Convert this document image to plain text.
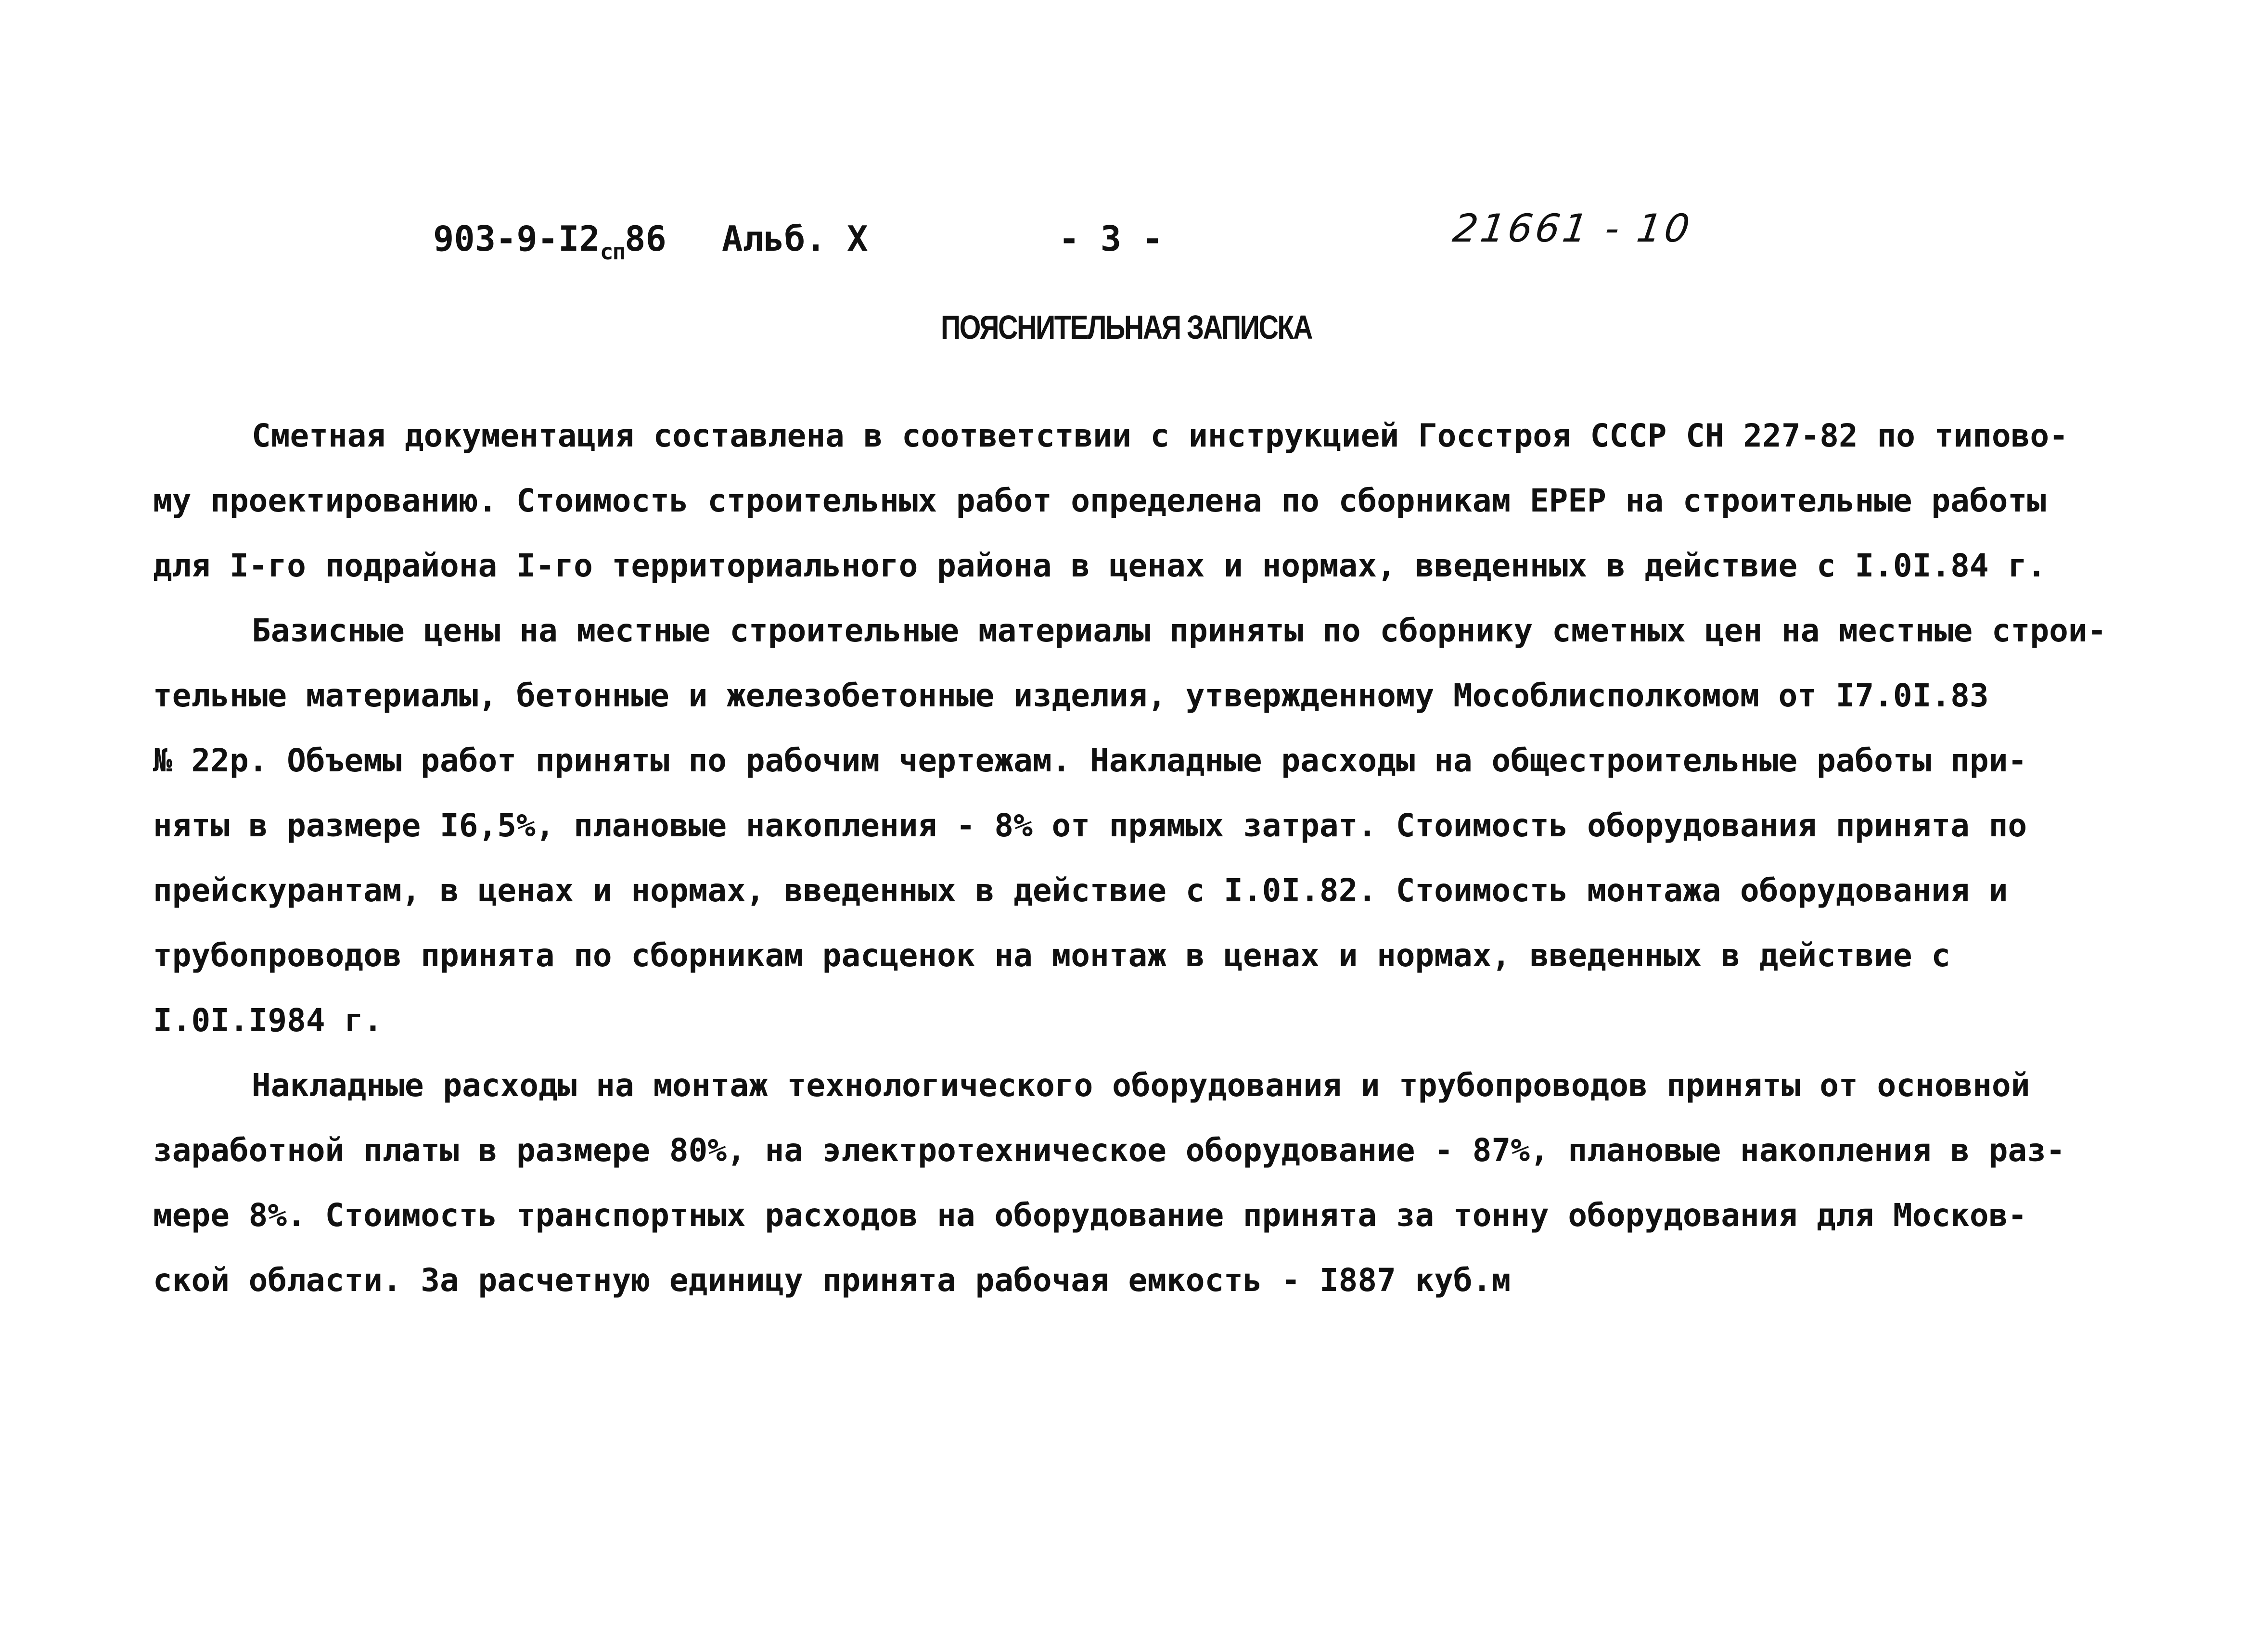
$903-9-I2_{сп}86$ Альб. X	- 3 -	21661 - 10
ПОЯСНИТЕЛЬНАЯ ЗАПИСКА
Сметная документация составлена в соответствии с инструкцией Госстроя СССР СН 227-82 по типово-
му проектированию. Стоимость строительных работ определена по сборникам ЕРЕР на строительные работы
для I-го подрайона I-го территориального района в ценах и нормах, введенных в действие с I.0I.84 г.
Базисные цены на местные строительные материалы приняты по сборнику сметных цен на местные строи-
тельные материалы, бетонные и железобетонные изделия, утвержденному Мособлисполкомом от I7.0I.83
№ 22р. Объемы работ приняты по рабочим чертежам. Накладные расходы на общестроительные работы при-
няты в размере I6,5%, плановые накопления - 8% от прямых затрат. Стоимость оборудования принята по
прейскурантам, в ценах и нормах, введенных в действие с I.0I.82. Стоимость монтажа оборудования и
трубопроводов принята по сборникам расценок на монтаж в ценах и нормах, введенных в действие с
I.0I.I984 г.
Накладные расходы на монтаж технологического оборудования и трубопроводов приняты от основной
заработной платы в размере 80%, на электротехническое оборудование - 87%, плановые накопления в раз-
мере 8%. Стоимость транспортных расходов на оборудование принята за тонну оборудования для Москов-
ской области. За расчетную единицу принята рабочая емкость - I887 куб.м
